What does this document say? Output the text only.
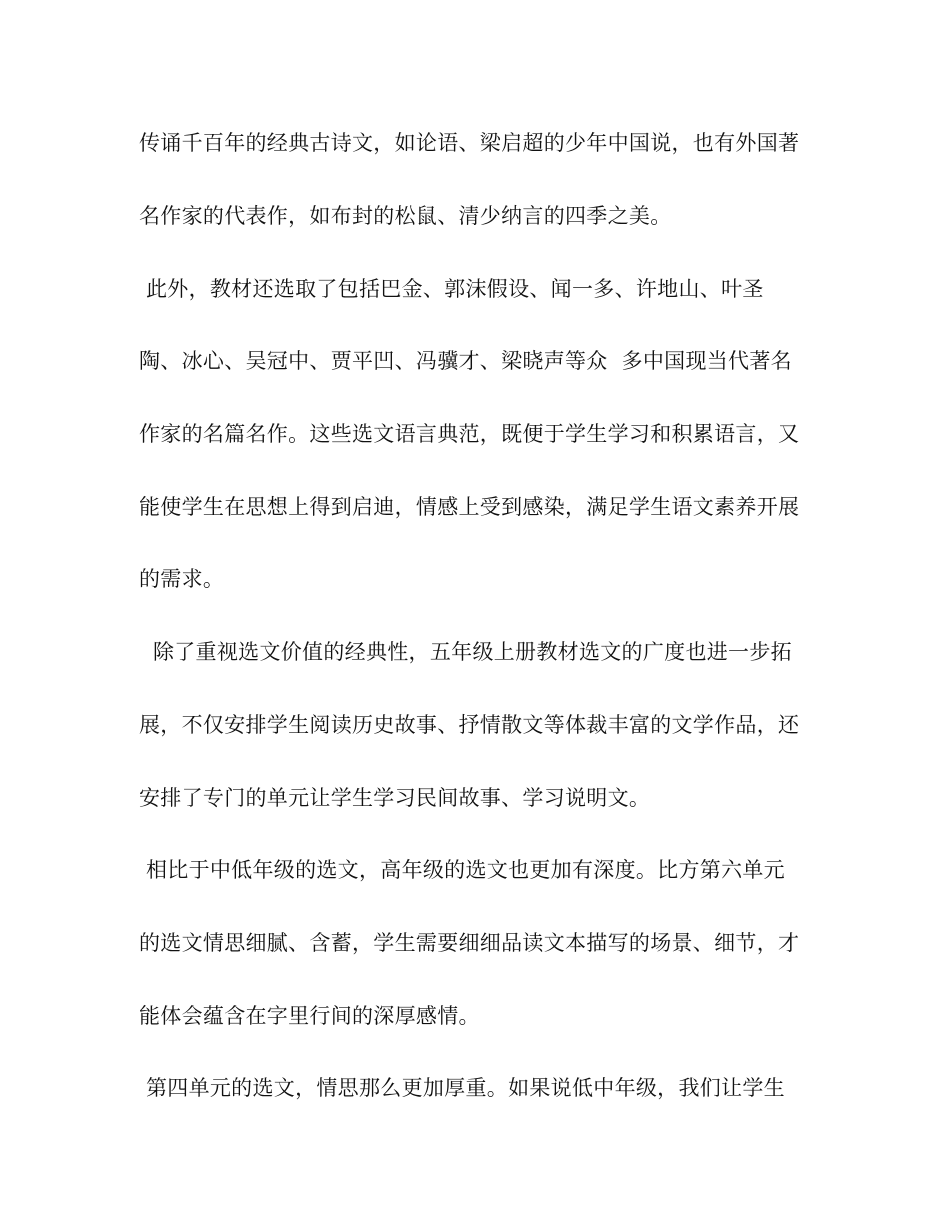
传诵千百年的经典古诗文，如论语、梁启超的少年中国说，也有外国著
名作家的代表作，如布封的松鼠、清少纳言的四季之美。
此外，教材还选取了包括巴金、郭沫假设、闻一多、许地山、叶圣
陶、冰心、吴冠中、贾平凹、冯骥才、梁晓声等众  多中国现当代著名
作家的名篇名作。这些选文语言典范，既便于学生学习和积累语言，又
能使学生在思想上得到启迪，情感上受到感染，满足学生语文素养开展
的需求。
除了重视选文价值的经典性，五年级上册教材选文的广度也进一步拓
展，不仅安排学生阅读历史故事、抒情散文等体裁丰富的文学作品，还
安排了专门的单元让学生学习民间故事、学习说明文。
相比于中低年级的选文，高年级的选文也更加有深度。比方第六单元
的选文情思细腻、含蓄，学生需要细细品读文本描写的场景、细节，才
能体会蕴含在字里行间的深厚感情。
第四单元的选文，情思那么更加厚重。如果说低中年级，我们让学生
